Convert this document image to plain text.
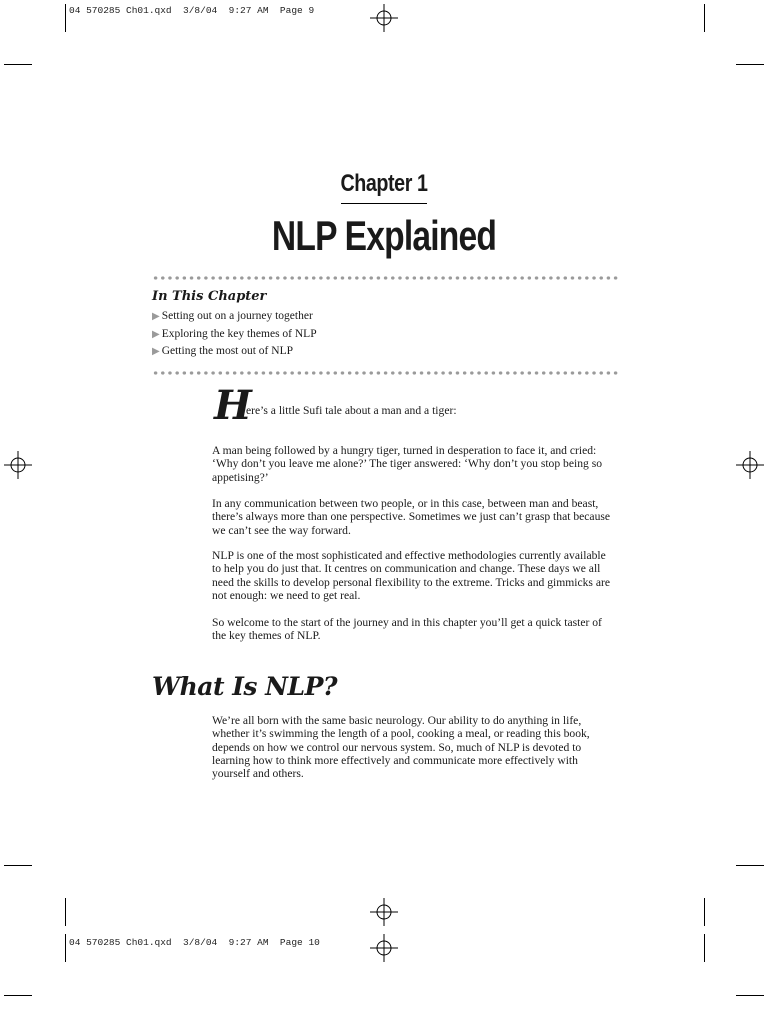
04 570285 Ch01.qxd  3/8/04  9:27 AM  Page 9
04 570285 Ch01.qxd  3/8/04  9:27 AM  Page 10
Chapter 1
NLP Explained
In This Chapter
▶ Setting out on a journey together
▶ Exploring the key themes of NLP
▶ Getting the most out of NLP
H
ere’s a little Sufi tale about a man and a tiger:

A man being followed by a hungry tiger, turned in desperation to face it, and cried: ‘Why don’t you leave me alone?’ The tiger answered: ‘Why don’t you stop being so appetising?’

In any communication between two people, or in this case, between man and beast, there’s always more than one perspective. Sometimes we just can’t grasp that because we can’t see the way forward.

NLP is one of the most sophisticated and effective methodologies currently available to help you do just that. It centres on communication and change. These days we all need the skills to develop personal flexibility to the extreme. Tricks and gimmicks are not enough: we need to get real.

So welcome to the start of the journey and in this chapter you’ll get a quick taster of the key themes of NLP.

What Is NLP?

We’re all born with the same basic neurology. Our ability to do anything in life, whether it’s swimming the length of a pool, cooking a meal, or reading this book, depends on how we control our nervous system. So, much of NLP is devoted to learning how to think more effectively and communicate more effectively with yourself and others.
